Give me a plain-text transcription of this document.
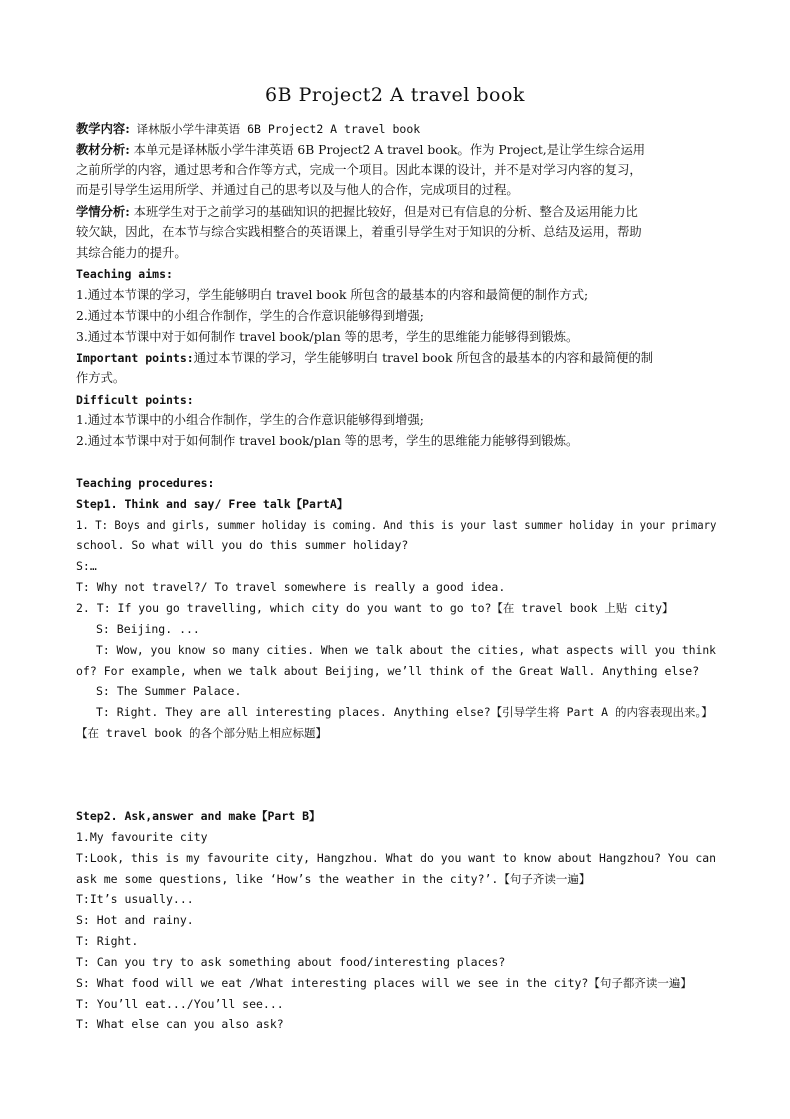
6B Project2 A travel book
教学内容: 译林版小学牛津英语 6B Project2 A travel book
教材分析: 本单元是译林版小学牛津英语 6B Project2 A travel book。作为 Project,是让学生综合运用
之前所学的内容，通过思考和合作等方式，完成一个项目。因此本课的设计，并不是对学习内容的复习，
而是引导学生运用所学、并通过自己的思考以及与他人的合作，完成项目的过程。
学情分析: 本班学生对于之前学习的基础知识的把握比较好，但是对已有信息的分析、整合及运用能力比
较欠缺，因此，在本节与综合实践相整合的英语课上，着重引导学生对于知识的分析、总结及运用，帮助
其综合能力的提升。
Teaching aims:
1.通过本节课的学习，学生能够明白 travel book 所包含的最基本的内容和最简便的制作方式;
2.通过本节课中的小组合作制作，学生的合作意识能够得到增强;
3.通过本节课中对于如何制作 travel book/plan 等的思考，学生的思维能力能够得到锻炼。
Important points:通过本节课的学习，学生能够明白 travel book 所包含的最基本的内容和最简便的制
作方式。
Difficult points:
1.通过本节课中的小组合作制作，学生的合作意识能够得到增强;
2.通过本节课中对于如何制作 travel book/plan 等的思考，学生的思维能力能够得到锻炼。
Teaching procedures:
Step1. Think and say/ Free talk【PartA】
1. T: Boys and girls, summer holiday is coming. And this is your last summer holiday in your primary
school. So what will you do this summer holiday?
S:…
T: Why not travel?/ To travel somewhere is really a good idea.
2. T: If you go travelling, which city do you want to go to?【在 travel book 上贴 city】
S: Beijing. ...
T: Wow, you know so many cities. When we talk about the cities, what aspects will you think
of? For example, when we talk about Beijing, we’ll think of the Great Wall. Anything else?
S: The Summer Palace.
T: Right. They are all interesting places. Anything else?【引导学生将 Part A 的内容表现出来。】
【在 travel book 的各个部分贴上相应标题】
Step2. Ask,answer and make【Part B】
1.My favourite city
T:Look, this is my favourite city, Hangzhou. What do you want to know about Hangzhou? You can
ask me some questions, like ‘How’s the weather in the city?’.【句子齐读一遍】
T:It’s usually...
S: Hot and rainy.
T: Right.
T: Can you try to ask something about food/interesting places?
S: What food will we eat /What interesting places will we see in the city?【句子都齐读一遍】
T: You’ll eat.../You’ll see...
T: What else can you also ask?
